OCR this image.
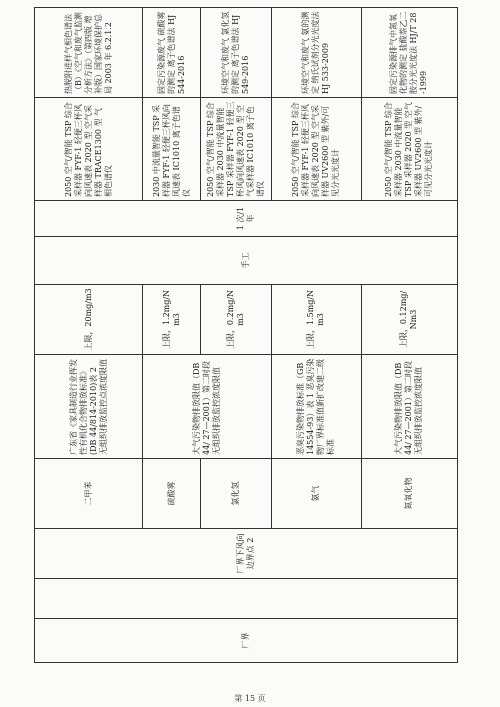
厂界		厂界下风向边界点 2	二甲苯	广东省《家具制造行业挥发性有机化合物排放标准》(DB 44/814-2010)表 2 无组织排放监控点浓度限值	上限，20mg/m3	手工	1 次/1 年	2050 空气/智能 TSP 综合采样器 FYF-1 轻便三杯风向风速表 2020 型 空气采样器 TRACE1300 型 气相色谱仪	热脱附进样气相色谱法（B）《空气和废气监测分析方法》（第四版 增补版）国家环境保护总局 2003 年 6.2.1.2
			硫酸雾	大气污染物排放限值（DB44/ 27—2001）第二时段无组织排放监控浓度限值	上限，1.2mg/Nm3			2030 中流量智能 TSP 采样器 FYF-1 轻便三杯风向风速表 IC1010 离子色谱仪	固定污染源废气 硫酸雾的测定 离子色谱法 HJ 544-2016
			氯化氢		上限，0.2mg/Nm3			2050 空气/智能 TSP 综合采样器 2030 中流量智能 TSP 采样器 FYF-1 轻便三杯风向风速表 2020 型 空气采样器 IC1010 离子色谱仪	环境空气和废气 氯化氢的测定 离子色谱法 HJ 549-2016
			氨气	恶臭污染物排放标准（GB 14554-93）表 1 恶臭污染物厂界标准值新扩改建二级标准	上限，1.5mg/Nm3			2050 空气/智能 TSP 综合采样器 FYF-1 轻便三杯风向风速表 2020 型 空气采样器 UV2600 型 紫外/可见分光光度计	环境空气和废气 氨的测定 纳氏试剂分光光度法 HJ 533-2009
			氮氧化物	大气污染物排放限值（DB44/ 27—2001）第二时段无组织排放监控浓度限值	上限，0.12mg/Nm3			2050 空气/智能 TSP 综合采样器 2030 中流量智能 TSP 采样器 2020 型 空气采样器 UV2600 型 紫外/可见分光光度计	固定污染源排气中氮氧化物的测定 盐酸萘乙二胺分光光度法 HJ/T 28-1999
第 15 页
